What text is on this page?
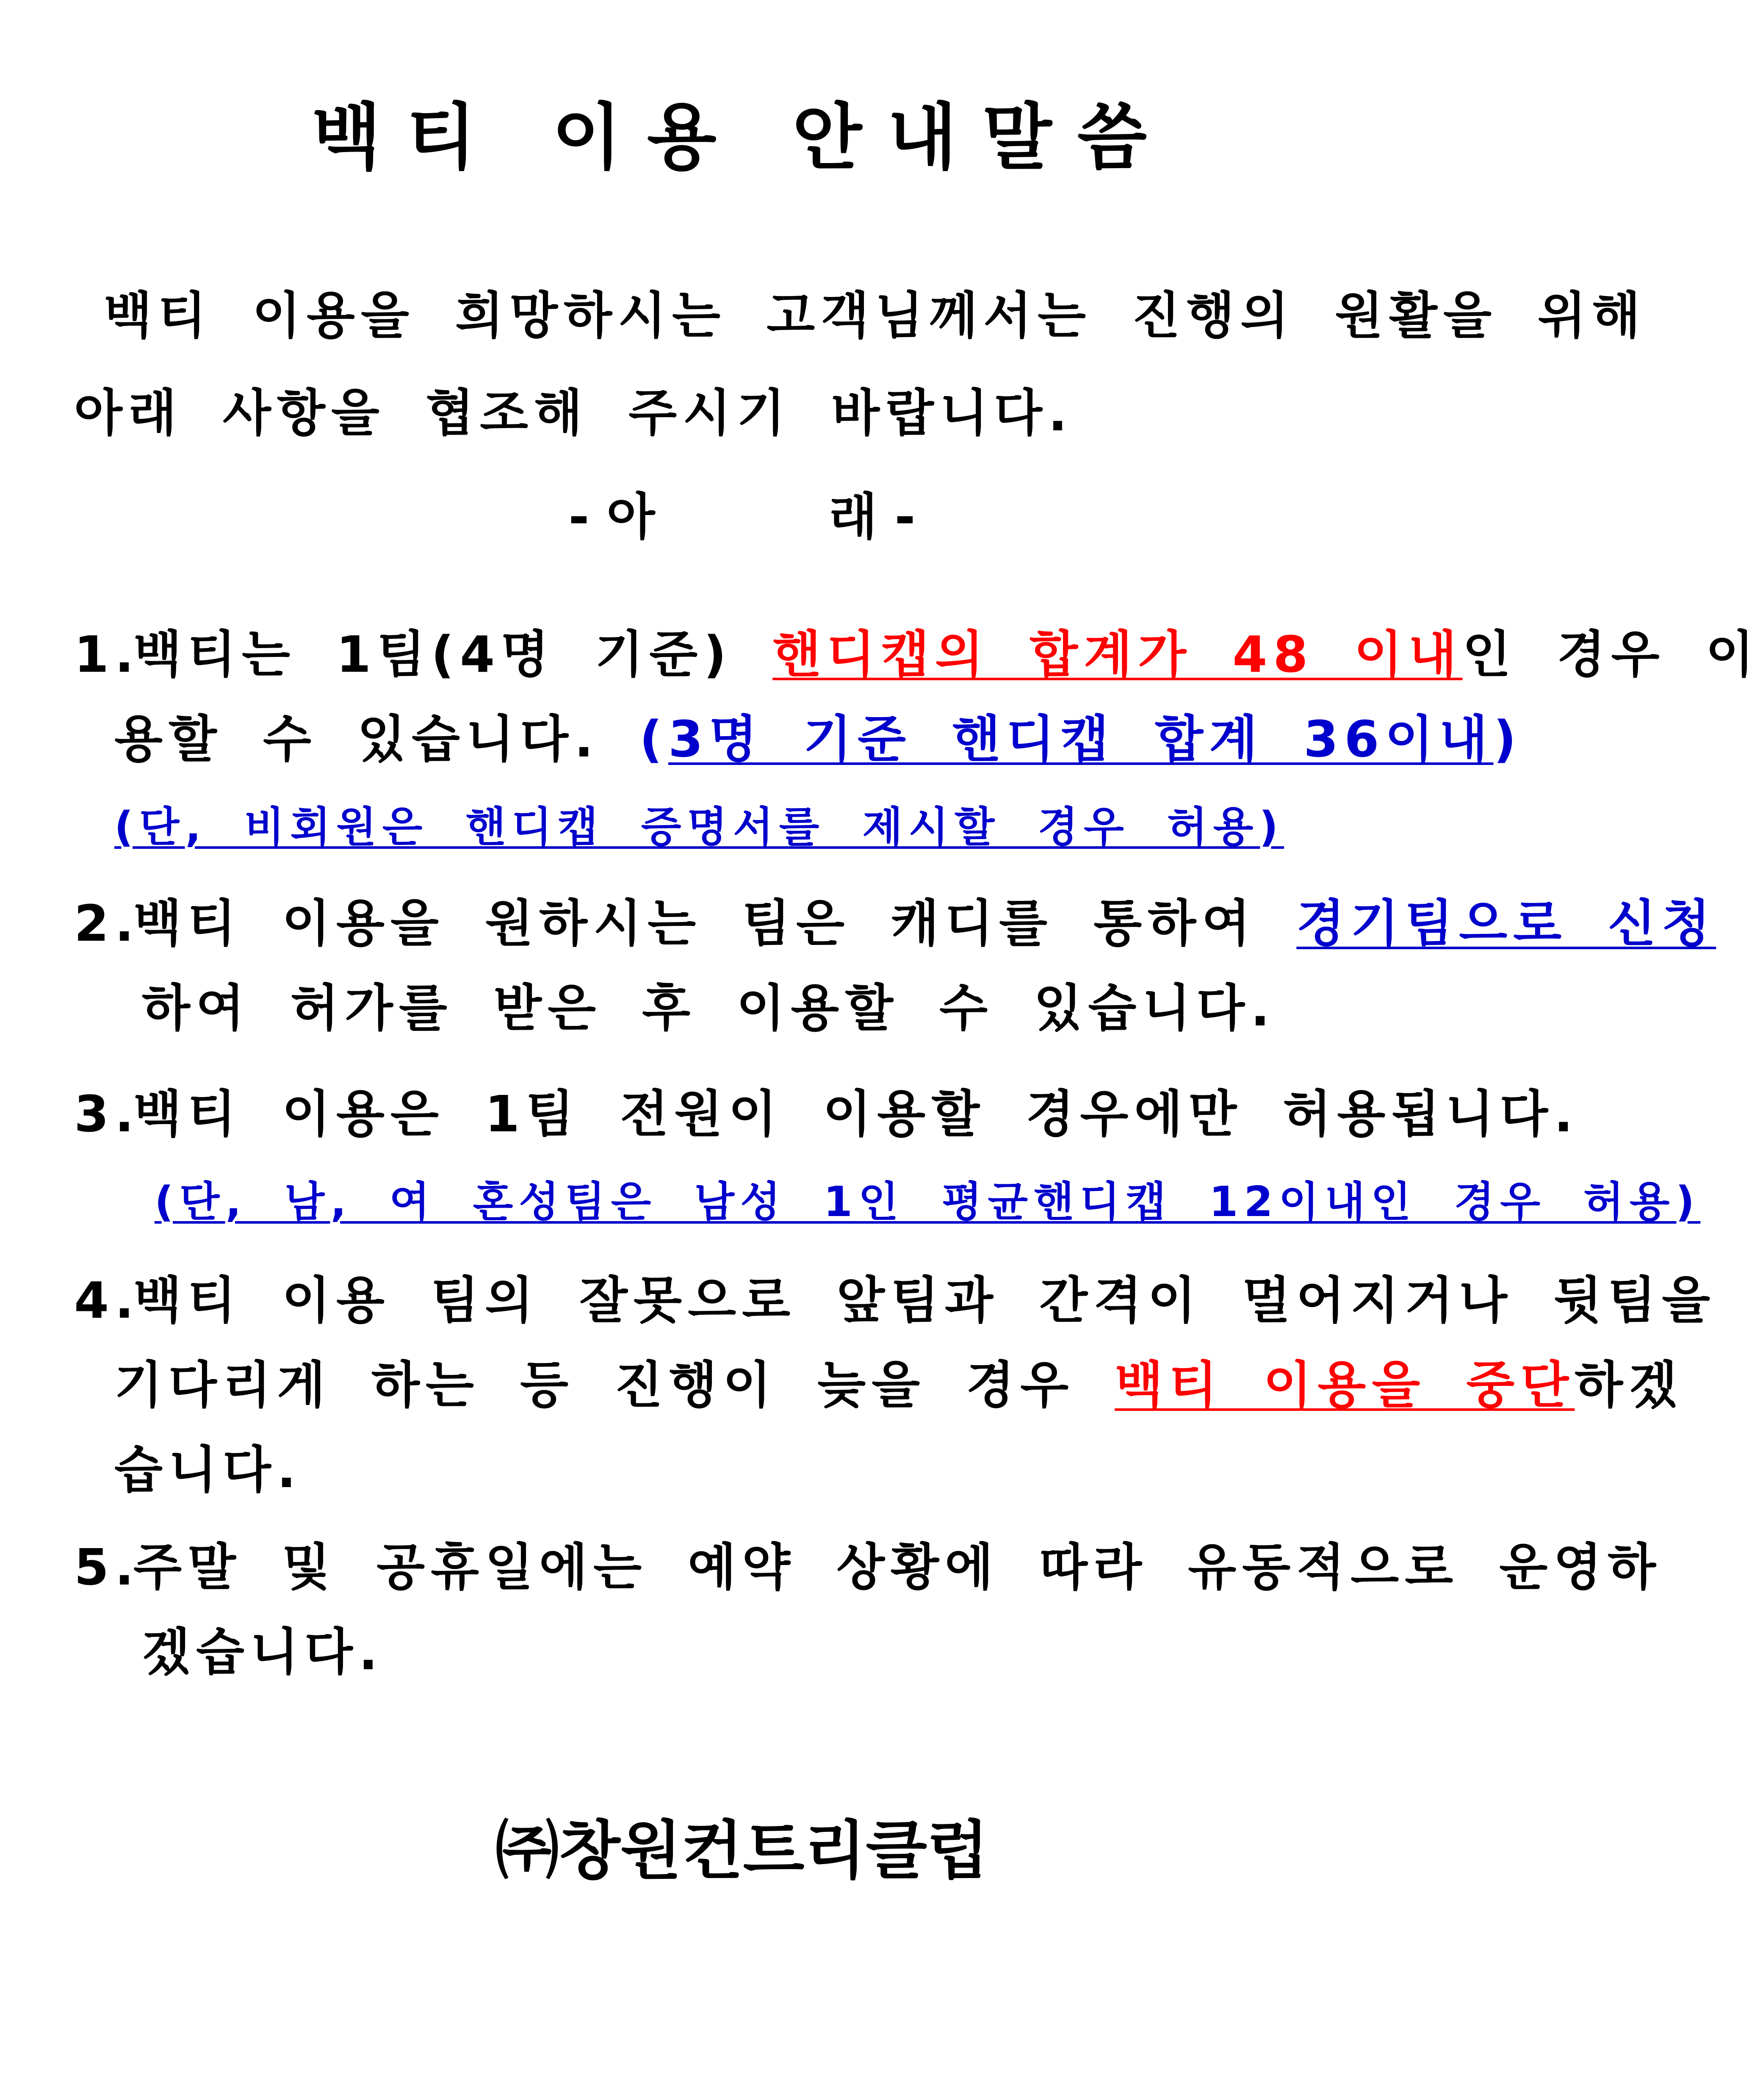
백티 이용 안내말씀
백티 이용을 희망하시는 고객님께서는 진행의 원활을 위해
아래 사항을 협조해 주시기 바랍니다.
- 아          래 -
1.백티는 1팀(4명 기준) 핸디캡의 합계가 48 이내인 경우 이
용할 수 있습니다. (3명 기준 핸디캡 합계 36이내)
(단, 비회원은 핸디캡 증명서를 제시할 경우 허용)
2.백티 이용을 원하시는 팀은 캐디를 통하여 경기팀으로 신청
하여 허가를 받은 후 이용할 수 있습니다.
3.백티 이용은 1팀 전원이 이용할 경우에만 허용됩니다.
(단, 남, 여 혼성팀은 남성 1인 평균핸디캡 12이내인 경우 허용)
4.백티 이용 팀의 잘못으로 앞팀과 간격이 멀어지거나 뒷팀을
기다리게 하는 등 진행이 늦을 경우 백티 이용을 중단하겠
습니다.
5.주말 및 공휴일에는 예약 상황에 따라 유동적으로 운영하
겠습니다.
㈜창원컨트리클럽
